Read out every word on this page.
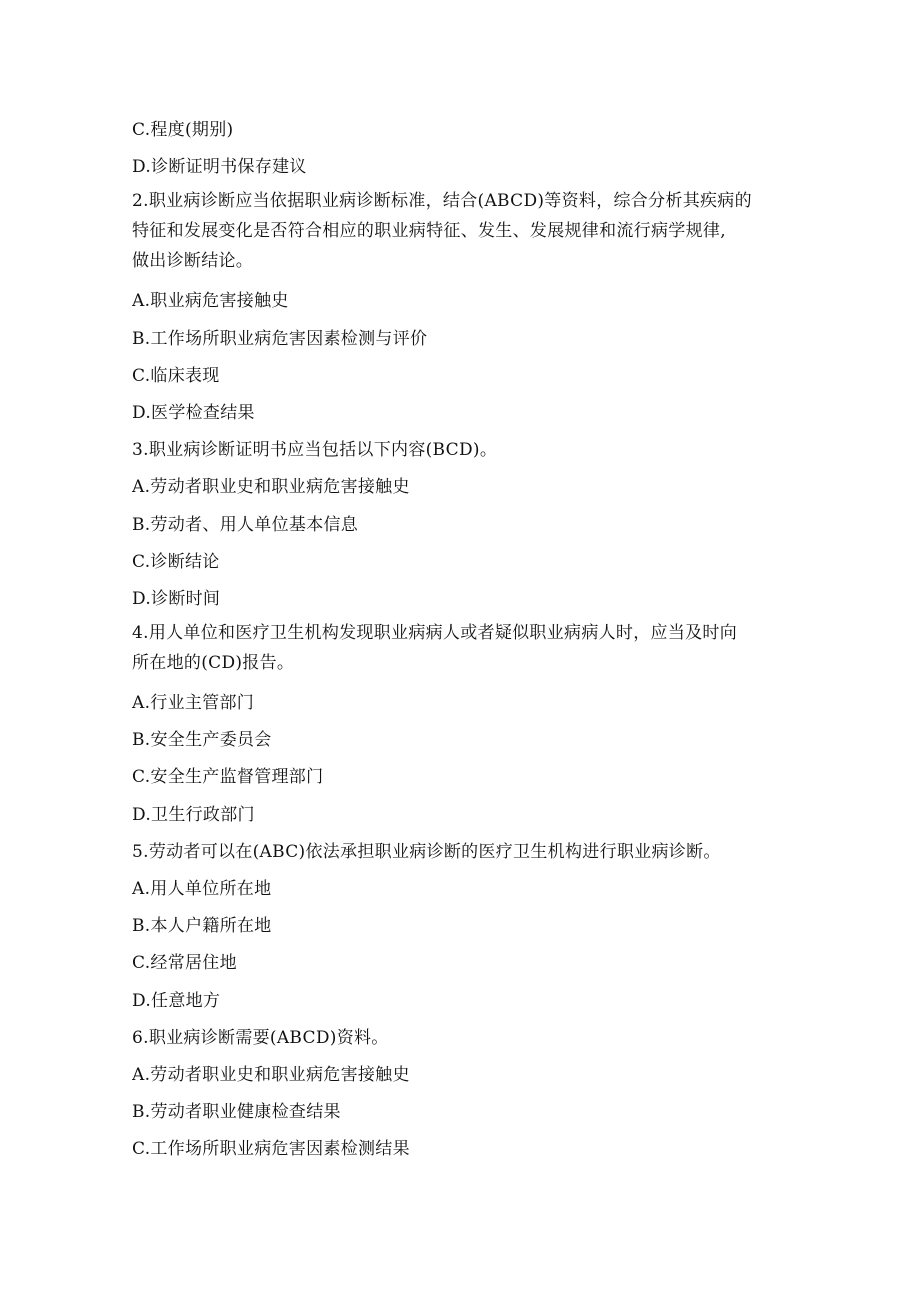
C.程度(期别)
D.诊断证明书保存建议
2.职业病诊断应当依据职业病诊断标准，结合(ABCD)等资料，综合分析其疾病的
特征和发展变化是否符合相应的职业病特征、发生、发展规律和流行病学规律,
做出诊断结论。
A.职业病危害接触史
B.工作场所职业病危害因素检测与评价
C.临床表现
D.医学检查结果
3.职业病诊断证明书应当包括以下内容(BCD)。
A.劳动者职业史和职业病危害接触史
B.劳动者、用人单位基本信息
C.诊断结论
D.诊断时间
4.用人单位和医疗卫生机构发现职业病病人或者疑似职业病病人时，应当及时向
所在地的(CD)报告。
A.行业主管部门
B.安全生产委员会
C.安全生产监督管理部门
D.卫生行政部门
5.劳动者可以在(ABC)依法承担职业病诊断的医疗卫生机构进行职业病诊断。
A.用人单位所在地
B.本人户籍所在地
C.经常居住地
D.任意地方
6.职业病诊断需要(ABCD)资料。
A.劳动者职业史和职业病危害接触史
B.劳动者职业健康检查结果
C.工作场所职业病危害因素检测结果
